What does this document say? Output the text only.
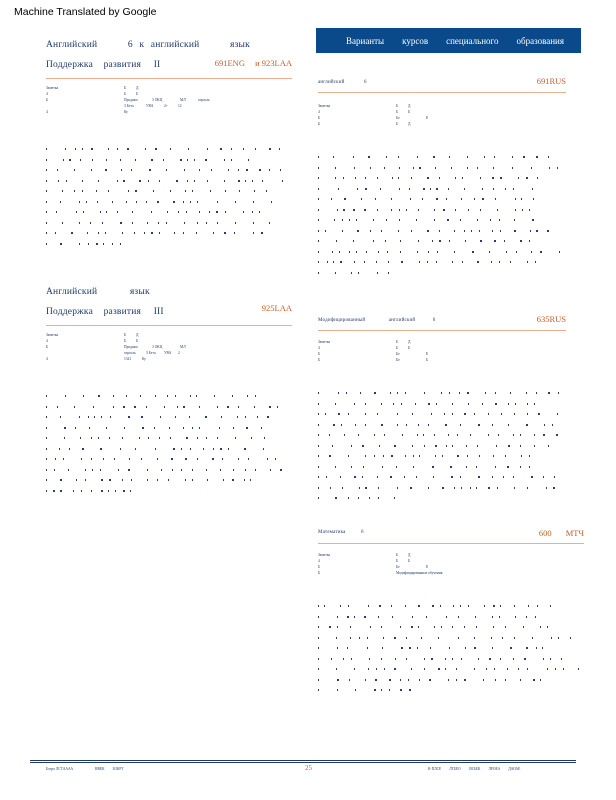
Machine Translated by Google
Английский	6 к английский	язык
Поддержка развития II	691ENG и 923LAA
Заметка	Б	Д
4	Б	Б
Б	Продажа	3 ОКЦ	МЛ	отрасль
3 Бета	УВА	2+	12
4	Ку
Английский	язык
Поддержка развития III	925LAA
Заметка	Б	Д
4	Б	Б
Б	Продажа	3 ОКЦ	МЛ
отрасль	3 Бета	УВА	2
4	1341	Ку
Варианты курсов специального образования
английский	6	691RUS
Заметка	Б	Д
4	Б	Б
Б	Бе	Е
Б	Б	Д
Модифицированный	английский	6	635RUS
Заметка	Б	Д
4	Б	Б
Б	Бе	Е
Б	Бе	Б
Математика	6	600 МТЧ
Заметка	Б	Д
4	Б	Б
Б	Бе	Е
Б	Модифицированные обучения
Ботро ЛСТАААА	ВВЕК ЗОКРТ	25	К-ПЛСЕ ЛТБЕО ОБЪЕК ЛРОЕА ДАОАЕ
